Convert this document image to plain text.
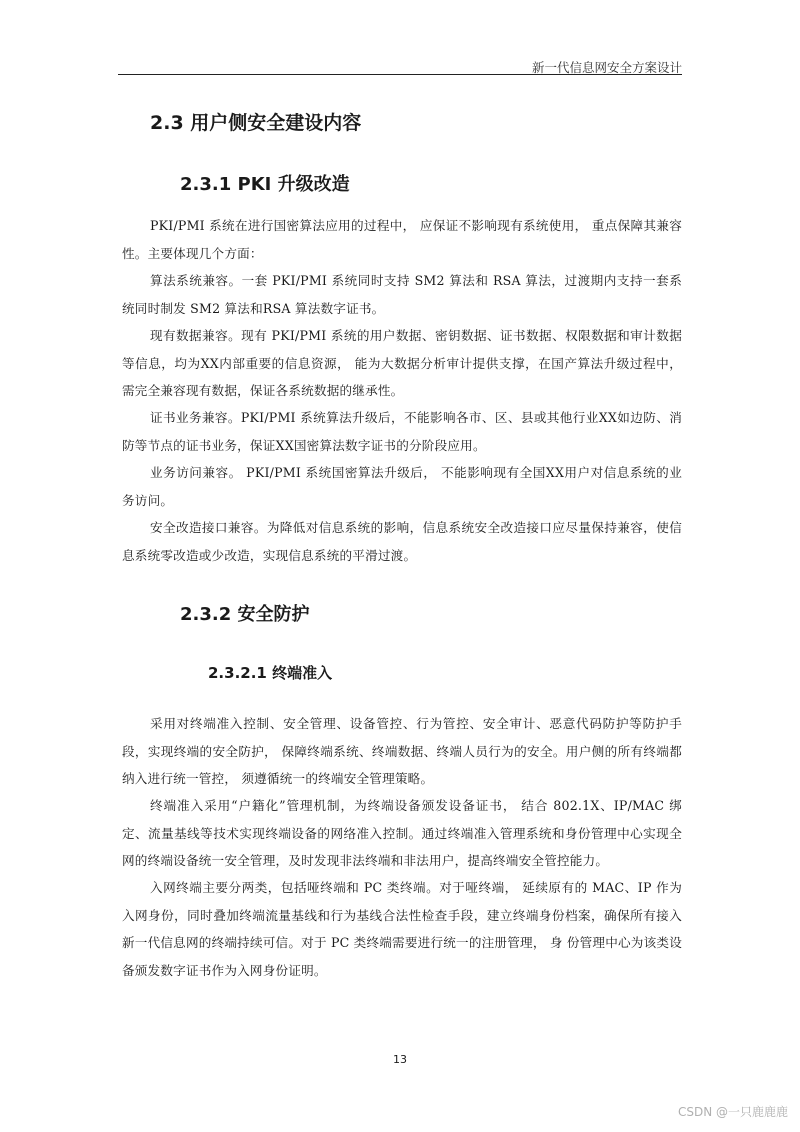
新一代信息网安全方案设计
2.3 用户侧安全建设内容
2.3.1 PKI 升级改造

PKI/PMI 系统在进行国密算法应用的过程中， 应保证不影响现有系统使用， 重点保障其兼容性。主要体现几个方面：

算法系统兼容。一套 PKI/PMI 系统同时支持 SM2 算法和 RSA 算法，过渡期内支持一套系统同时制发 SM2 算法和RSA 算法数字证书。

现有数据兼容。现有 PKI/PMI 系统的用户数据、密钥数据、证书数据、权限数据和审计数据等信息，均为XX内部重要的信息资源， 能为大数据分析审计提供支撑，在国产算法升级过程中， 需完全兼容现有数据，保证各系统数据的继承性。

证书业务兼容。PKI/PMI 系统算法升级后，不能影响各市、区、县或其他行业XX如边防、消防等节点的证书业务，保证XX国密算法数字证书的分阶段应用。

业务访问兼容。 PKI/PMI 系统国密算法升级后， 不能影响现有全国XX用户对信息系统的业务访问。

安全改造接口兼容。为降低对信息系统的影响，信息系统安全改造接口应尽量保持兼容，使信息系统零改造或少改造，实现信息系统的平滑过渡。

2.3.2 安全防护
2.3.2.1 终端准入

采用对终端准入控制、安全管理、设备管控、行为管控、安全审计、恶意代码防护等防护手段，实现终端的安全防护， 保障终端系统、终端数据、终端人员行为的安全。用户侧的所有终端都纳入进行统一管控， 须遵循统一的终端安全管理策略。

终端准入采用“户籍化”管理机制，为终端设备颁发设备证书， 结合 802.1X、IP/MAC 绑定、流量基线等技术实现终端设备的网络准入控制。通过终端准入管理系统和身份管理中心实现全网的终端设备统一安全管理，及时发现非法终端和非法用户，提高终端安全管控能力。

入网终端主要分两类，包括哑终端和 PC 类终端。对于哑终端， 延续原有的 MAC、IP 作为入网身份，同时叠加终端流量基线和行为基线合法性检查手段，建立终端身份档案，确保所有接入新一代信息网的终端持续可信。对于 PC 类终端需要进行统一的注册管理， 身 份管理中心为该类设备颁发数字证书作为入网身份证明。

13
CSDN @一只鹿鹿鹿
